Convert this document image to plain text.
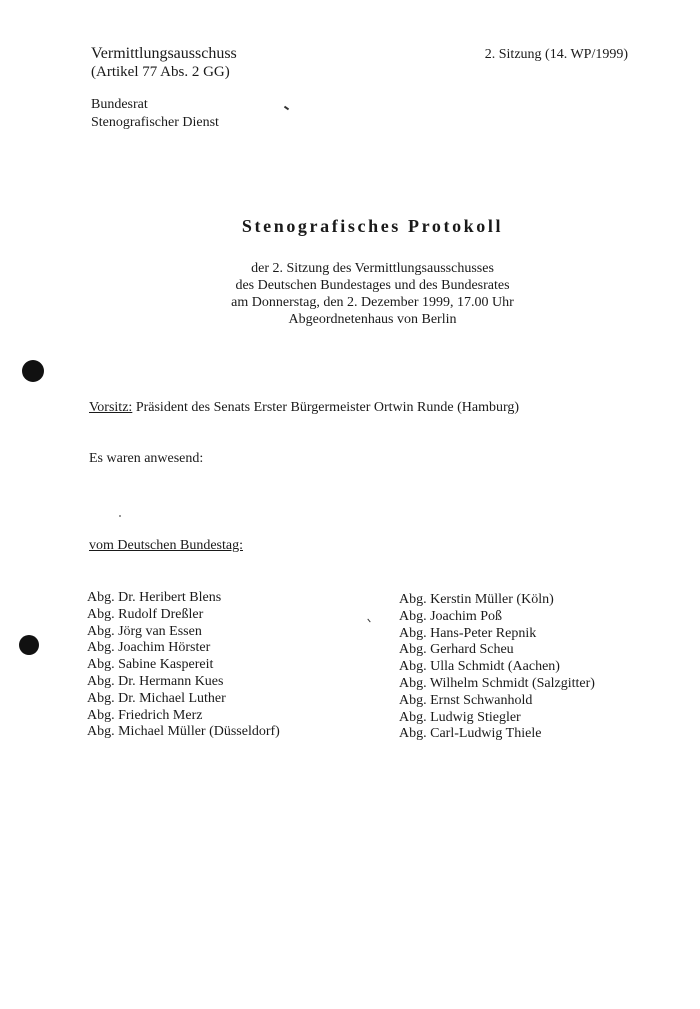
Vermittlungsausschuss
(Artikel 77 Abs. 2 GG)
2. Sitzung (14. WP/1999)
Bundesrat
Stenografischer Dienst
Stenografisches Protokoll
der 2. Sitzung des Vermittlungsausschusses
des Deutschen Bundestages und des Bundesrates
am Donnerstag, den 2. Dezember 1999, 17.00 Uhr
Abgeordnetenhaus von Berlin
Vorsitz: Präsident des Senats Erster Bürgermeister Ortwin Runde (Hamburg)
Es waren anwesend:
vom Deutschen Bundestag:
Abg. Dr. Heribert Blens
Abg. Rudolf Dreßler
Abg. Jörg van Essen
Abg. Joachim Hörster
Abg. Sabine Kaspereit
Abg. Dr. Hermann Kues
Abg. Dr. Michael Luther
Abg. Friedrich Merz
Abg. Michael Müller (Düsseldorf)
Abg. Kerstin Müller (Köln)
Abg. Joachim Poß
Abg. Hans-Peter Repnik
Abg. Gerhard Scheu
Abg. Ulla Schmidt (Aachen)
Abg. Wilhelm Schmidt (Salzgitter)
Abg. Ernst Schwanhold
Abg. Ludwig Stiegler
Abg. Carl-Ludwig Thiele
